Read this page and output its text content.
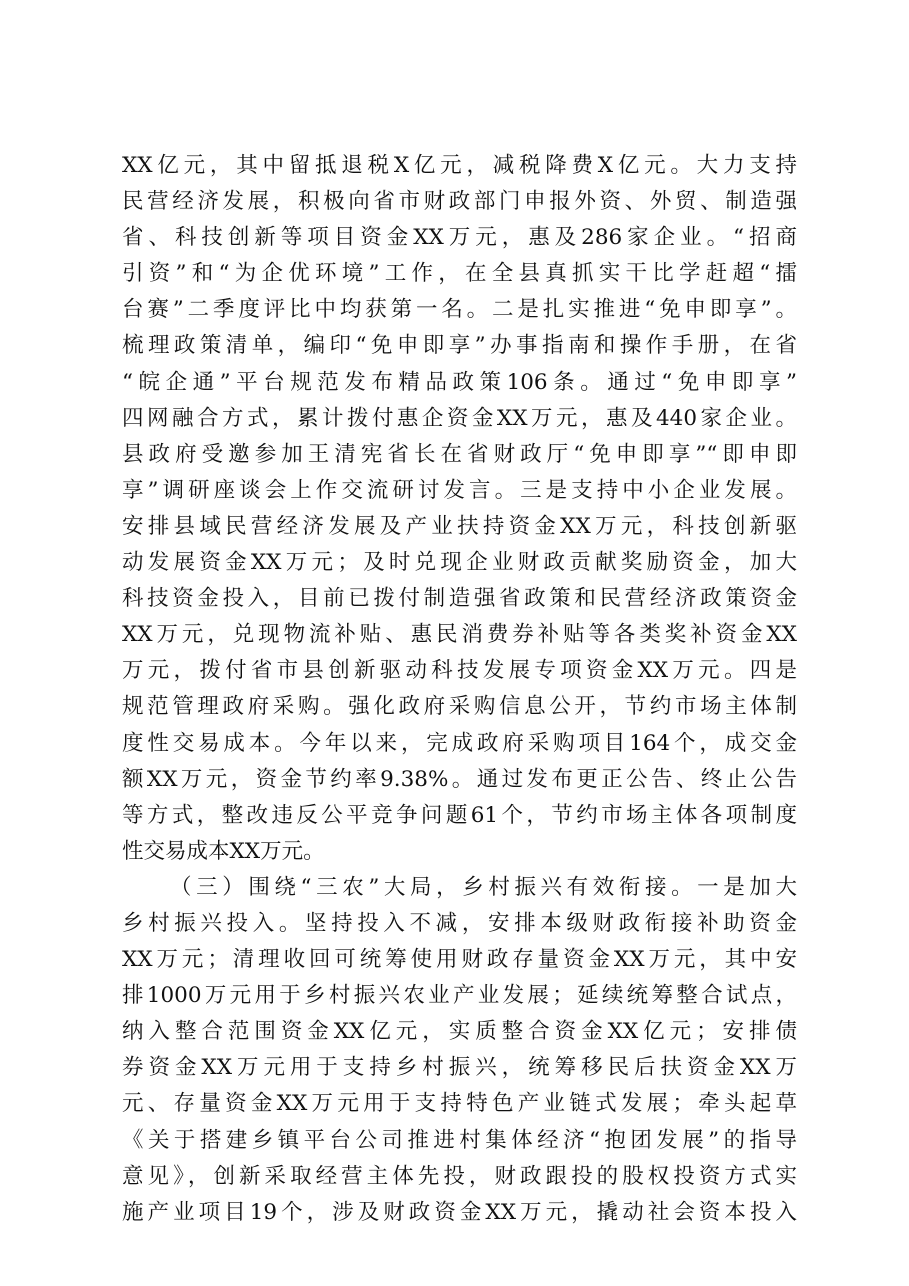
XX亿元，其中留抵退税X亿元，减税降费X亿元。大力支持
民营经济发展，积极向省市财政部门申报外资、外贸、制造强
省、科技创新等项目资金XX万元，惠及286家企业。“招商
引资”和“为企优环境”工作，在全县真抓实干比学赶超“擂
台赛”二季度评比中均获第一名。二是扎实推进“免申即享”。
梳理政策清单，编印“免申即享”办事指南和操作手册，在省
“皖企通”平台规范发布精品政策106条。通过“免申即享”
四网融合方式，累计拨付惠企资金XX万元，惠及440家企业。
县政府受邀参加王清宪省长在省财政厅“免申即享”“即申即
享”调研座谈会上作交流研讨发言。三是支持中小企业发展。
安排县域民营经济发展及产业扶持资金XX万元，科技创新驱
动发展资金XX万元；及时兑现企业财政贡献奖励资金，加大
科技资金投入，目前已拨付制造强省政策和民营经济政策资金
XX万元，兑现物流补贴、惠民消费券补贴等各类奖补资金XX
万元，拨付省市县创新驱动科技发展专项资金XX万元。四是
规范管理政府采购。强化政府采购信息公开，节约市场主体制
度性交易成本。今年以来，完成政府采购项目164个，成交金
额XX万元，资金节约率9.38%。通过发布更正公告、终止公告
等方式，整改违反公平竞争问题61个，节约市场主体各项制度
性交易成本XX万元。
（三）围绕“三农”大局，乡村振兴有效衔接。一是加大
乡村振兴投入。坚持投入不减，安排本级财政衔接补助资金
XX万元；清理收回可统筹使用财政存量资金XX万元，其中安
排1000万元用于乡村振兴农业产业发展；延续统筹整合试点，
纳入整合范围资金XX亿元，实质整合资金XX亿元；安排债
券资金XX万元用于支持乡村振兴，统筹移民后扶资金XX万
元、存量资金XX万元用于支持特色产业链式发展；牵头起草
《关于搭建乡镇平台公司推进村集体经济“抱团发展”的指导
意见》，创新采取经营主体先投，财政跟投的股权投资方式实
施产业项目19个，涉及财政资金XX万元，撬动社会资本投入
